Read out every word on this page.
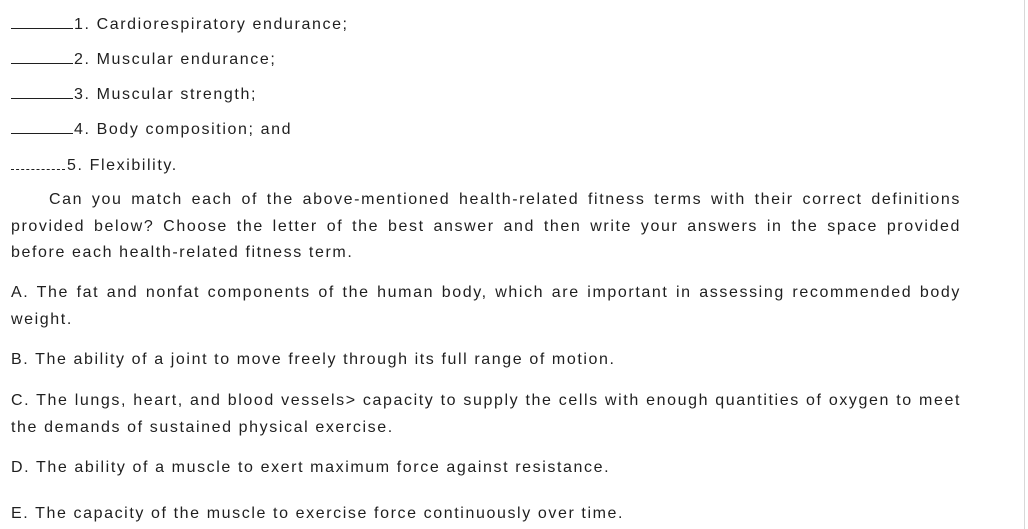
1. Cardiorespiratory endurance;
2. Muscular endurance;
3. Muscular strength;
4. Body composition; and
5. Flexibility.
Can you match each of the above-mentioned health-related fitness terms with their correct definitions provided below? Choose the letter of the best answer and then write your answers in the space provided before each health-related fitness term.
A. The fat and nonfat components of the human body, which are important in assessing recommended body weight.
B. The ability of a joint to move freely through its full range of motion.
C. The lungs, heart, and blood vessels> capacity to supply the cells with enough quantities of oxygen to meet the demands of sustained physical exercise.
D. The ability of a muscle to exert maximum force against resistance.
E. The capacity of the muscle to exercise force continuously over time.
